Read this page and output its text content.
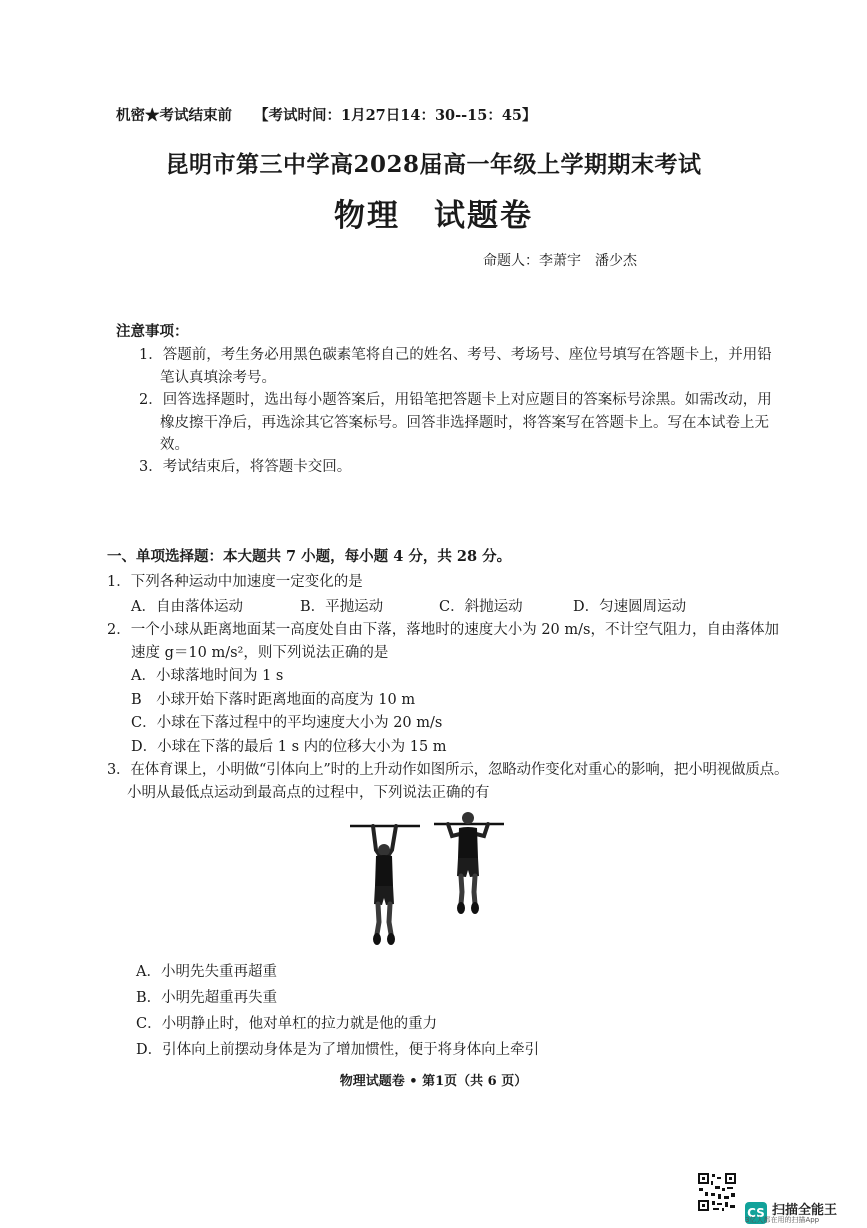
机密★考试结束前 【考试时间：1月27日14：30--15：45】
昆明市第三中学高2028届高一年级上学期期末考试
物理 试题卷
命题人：李萧宇　潘少杰
注意事项：
1．答题前，考生务必用黑色碳素笔将自己的姓名、考号、考场号、座位号填写在答题卡上，并用铅
笔认真填涂考号。
2．回答选择题时，选出每小题答案后，用铅笔把答题卡上对应题目的答案标号涂黑。如需改动，用
橡皮擦干净后，再选涂其它答案标号。回答非选择题时，将答案写在答题卡上。写在本试卷上无
效。
3．考试结束后，将答题卡交回。
一、单项选择题：本大题共 7 小题，每小题 4 分，共 28 分。
1．下列各种运动中加速度一定变化的是
A．自由落体运动	B．平抛运动	C．斜抛运动	D．匀速圆周运动
2．一个小球从距离地面某一高度处自由下落，落地时的速度大小为 20 m/s，不计空气阻力，自由落体加
速度 g＝10 m/s²，则下列说法正确的是
A．小球落地时间为 1 s
B　小球开始下落时距离地面的高度为 10 m
C．小球在下落过程中的平均速度大小为 20 m/s
D．小球在下落的最后 1 s 内的位移大小为 15 m
3．在体育课上，小明做“引体向上”时的上升动作如图所示，忽略动作变化对重心的影响，把小明视做质点。
小明从最低点运动到最高点的过程中，下列说法正确的有
A．小明先失重再超重
B．小明先超重再失重
C．小明静止时，他对单杠的拉力就是他的重力
D．引体向上前摆动身体是为了增加惯性，便于将身体向上牵引
物理试题卷 • 第1页（共 6 页）
CS 扫描全能王
3亿人都在用的扫描App
